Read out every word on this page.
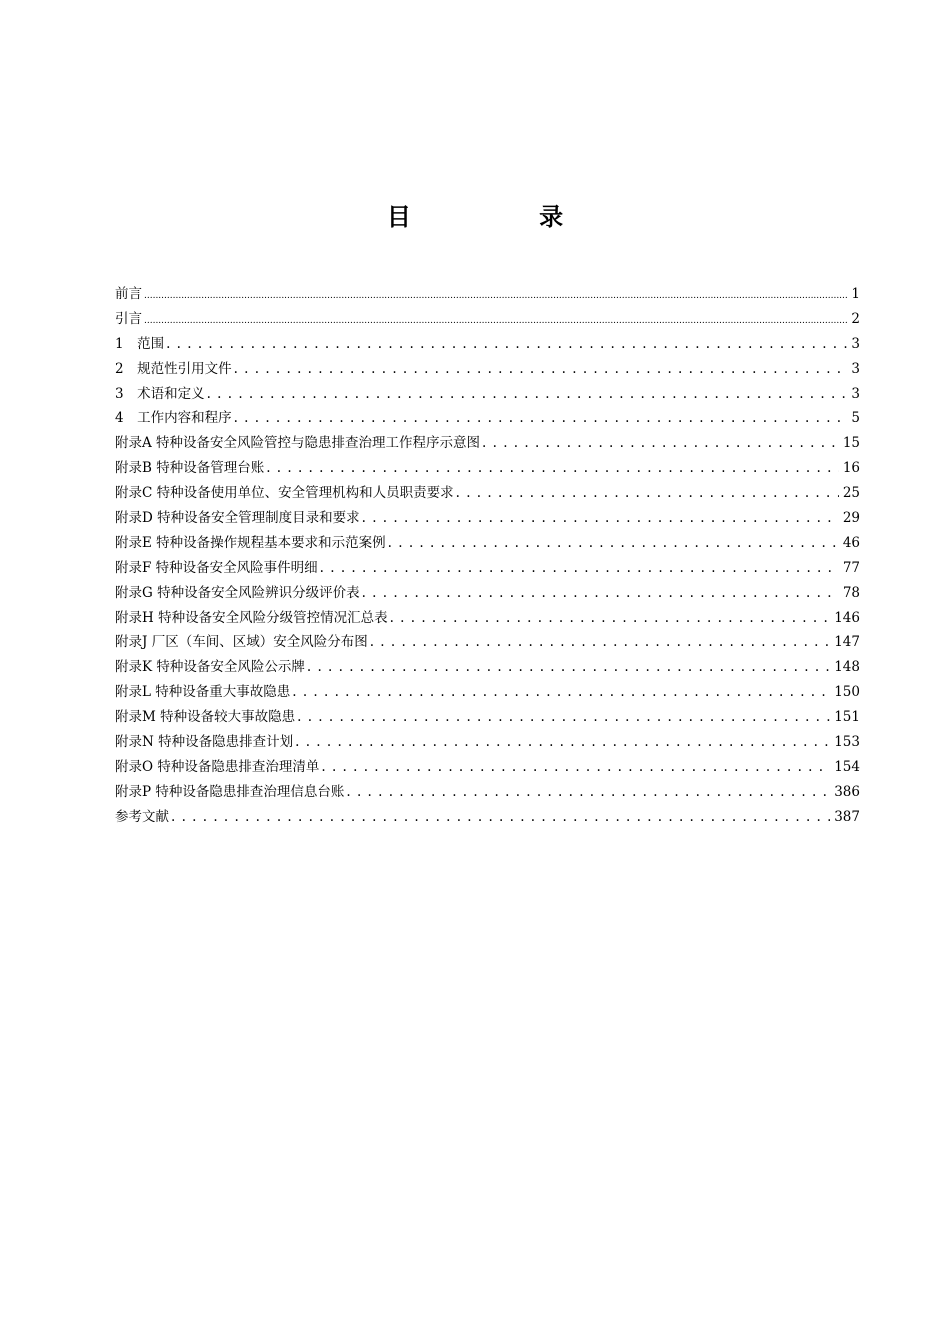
目 录
前言 .....	1
引言 .....	2
1　范围 . . .	3
2　规范性引用文件 . . .	3
3　术语和定义 . . .	3
4　工作内容和程序 . . .	5
附录A 特种设备安全风险管控与隐患排查治理工作程序示意图 . . .	15
附录B 特种设备管理台账 . . .	16
附录C 特种设备使用单位、安全管理机构和人员职责要求 . . .	25
附录D 特种设备安全管理制度目录和要求 . . .	29
附录E 特种设备操作规程基本要求和示范案例 . . .	46
附录F 特种设备安全风险事件明细 . . .	77
附录G 特种设备安全风险辨识分级评价表 . . .	78
附录H 特种设备安全风险分级管控情况汇总表 . . .	146
附录J 厂区（车间、区域）安全风险分布图 . . .	147
附录K 特种设备安全风险公示牌 . . .	148
附录L 特种设备重大事故隐患 . . .	150
附录M 特种设备较大事故隐患 . . .	151
附录N 特种设备隐患排查计划 . . .	153
附录O 特种设备隐患排查治理清单 . . .	154
附录P 特种设备隐患排查治理信息台账 . . .	386
参考文献 . . .	387
